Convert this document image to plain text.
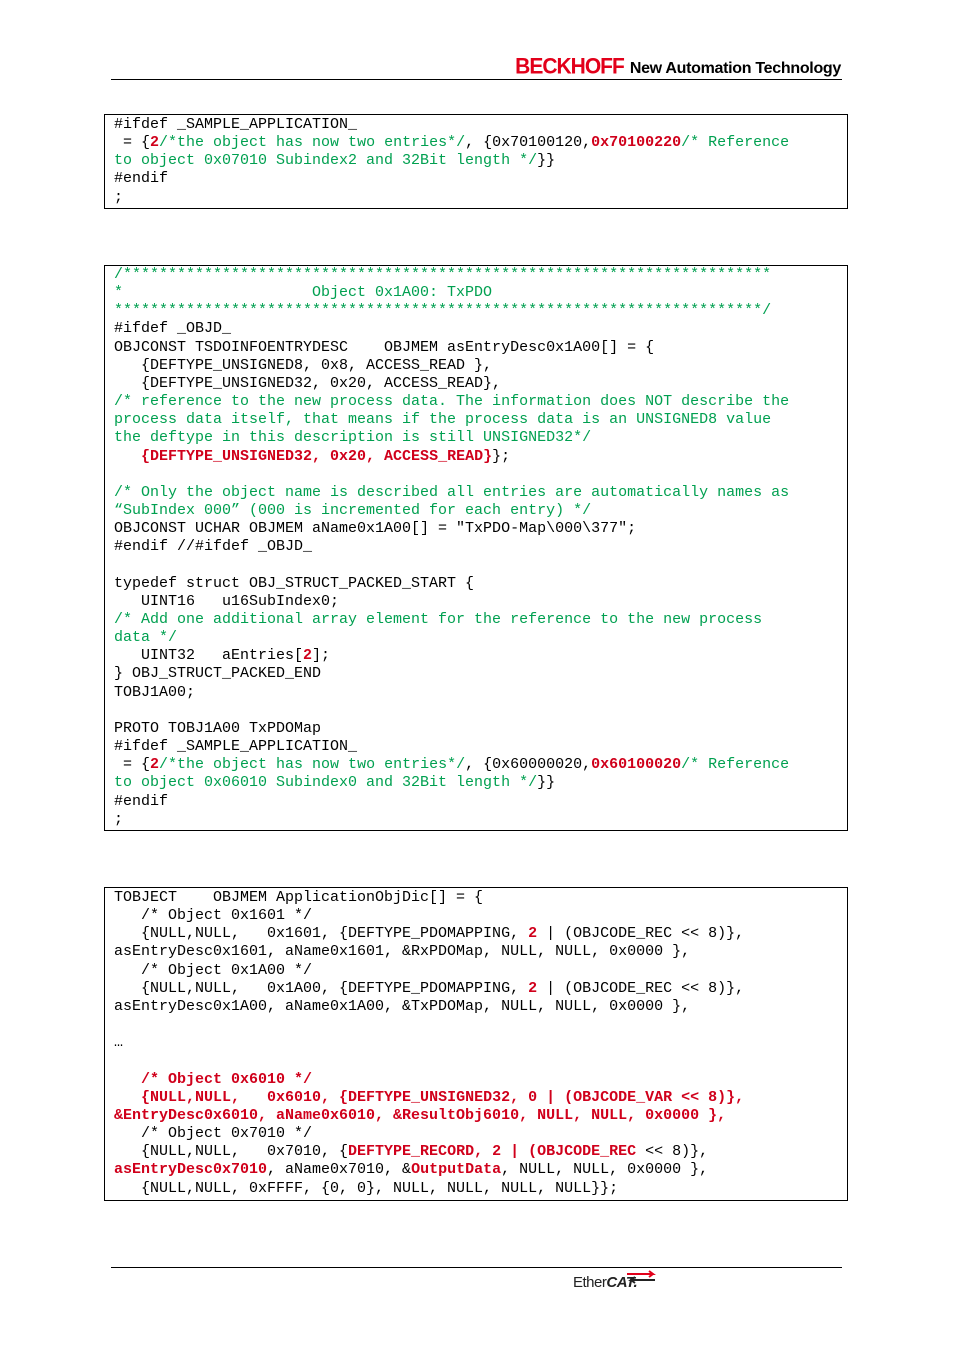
BECKHOFF New Automation Technology
#ifdef _SAMPLE_APPLICATION_
= {2/*the object has now two entries*/, {0x70100120,0x70100220/* Reference
to object 0x07010 Subindex2 and 32Bit length */}}
#endif
;
/************************************************************************
*                     Object 0x1A00: TxPDO
************************************************************************/
#ifdef _OBJD_
OBJCONST TSDOINFOENTRYDESC    OBJMEM asEntryDesc0x1A00[] = {
{DEFTYPE_UNSIGNED8, 0x8, ACCESS_READ },
{DEFTYPE_UNSIGNED32, 0x20, ACCESS_READ},
/* reference to the new process data. The information does NOT describe the
process data itself, that means if the process data is an UNSIGNED8 value
the deftype in this description is still UNSIGNED32*/
{DEFTYPE_UNSIGNED32, 0x20, ACCESS_READ}};

/* Only the object name is described all entries are automatically names as
“SubIndex 000” (000 is incremented for each entry) */
OBJCONST UCHAR OBJMEM aName0x1A00[] = "TxPDO-Map\000\377";
#endif //#ifdef _OBJD_

typedef struct OBJ_STRUCT_PACKED_START {
UINT16   u16SubIndex0;
/* Add one additional array element for the reference to the new process
data */
UINT32   aEntries[2];
} OBJ_STRUCT_PACKED_END
TOBJ1A00;

PROTO TOBJ1A00 TxPDOMap
#ifdef _SAMPLE_APPLICATION_
= {2/*the object has now two entries*/, {0x60000020,0x60100020/* Reference
to object 0x06010 Subindex0 and 32Bit length */}}
#endif
;
TOBJECT    OBJMEM ApplicationObjDic[] = {
/* Object 0x1601 */
{NULL,NULL,   0x1601, {DEFTYPE_PDOMAPPING, 2 | (OBJCODE_REC << 8)},
asEntryDesc0x1601, aName0x1601, &RxPDOMap, NULL, NULL, 0x0000 },
/* Object 0x1A00 */
{NULL,NULL,   0x1A00, {DEFTYPE_PDOMAPPING, 2 | (OBJCODE_REC << 8)},
asEntryDesc0x1A00, aName0x1A00, &TxPDOMap, NULL, NULL, 0x0000 },

…

/* Object 0x6010 */
{NULL,NULL,   0x6010, {DEFTYPE_UNSIGNED32, 0 | (OBJCODE_VAR << 8)},
&EntryDesc0x6010, aName0x6010, &ResultObj6010, NULL, NULL, 0x0000 },
/* Object 0x7010 */
{NULL,NULL,   0x7010, {DEFTYPE_RECORD, 2 | (OBJCODE_REC << 8)},
asEntryDesc0x7010, aName0x7010, &OutputData, NULL, NULL, 0x0000 },
{NULL,NULL, 0xFFFF, {0, 0}, NULL, NULL, NULL, NULL}};
EtherCAT.
